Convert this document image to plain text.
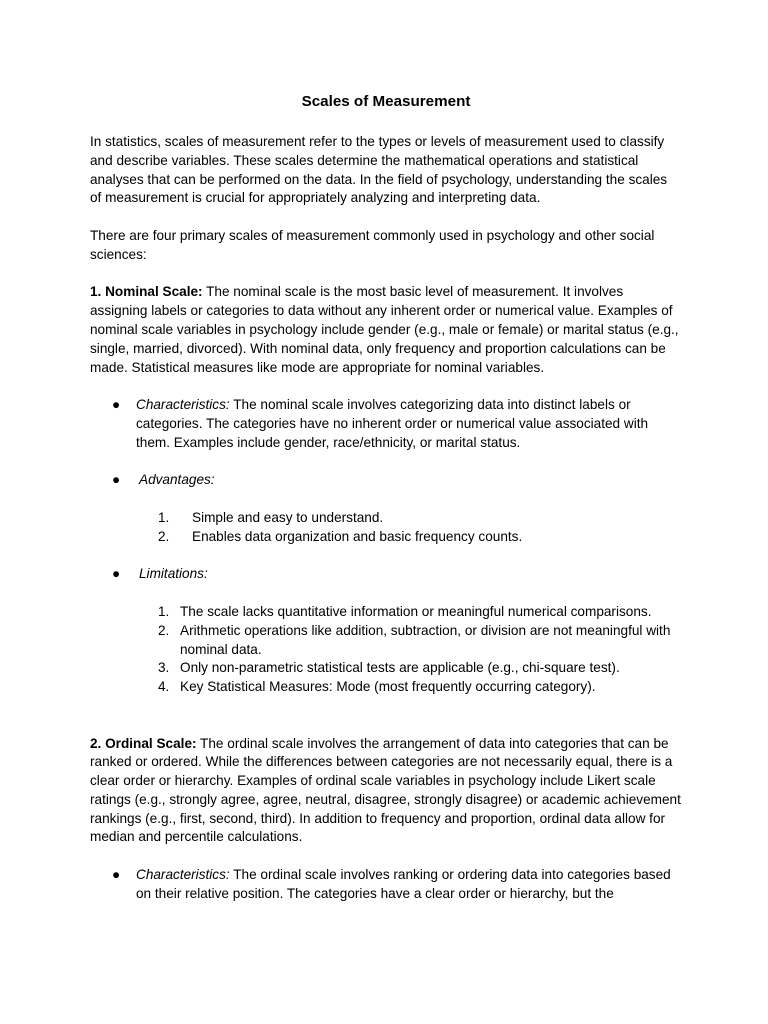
Scales of Measurement

In statistics, scales of measurement refer to the types or levels of measurement used to classify and describe variables. These scales determine the mathematical operations and statistical analyses that can be performed on the data. In the field of psychology, understanding the scales of measurement is crucial for appropriately analyzing and interpreting data.

There are four primary scales of measurement commonly used in psychology and other social sciences:

1. Nominal Scale: The nominal scale is the most basic level of measurement. It involves assigning labels or categories to data without any inherent order or numerical value. Examples of nominal scale variables in psychology include gender (e.g., male or female) or marital status (e.g., single, married, divorced). With nominal data, only frequency and proportion calculations can be made. Statistical measures like mode are appropriate for nominal variables.

● Characteristics: The nominal scale involves categorizing data into distinct labels or categories. The categories have no inherent order or numerical value associated with them. Examples include gender, race/ethnicity, or marital status.
● Advantages:
1. Simple and easy to understand.
2. Enables data organization and basic frequency counts.
● Limitations:
1. The scale lacks quantitative information or meaningful numerical comparisons.
2. Arithmetic operations like addition, subtraction, or division are not meaningful with nominal data.
3. Only non-parametric statistical tests are applicable (e.g., chi-square test).
4. Key Statistical Measures: Mode (most frequently occurring category).

2. Ordinal Scale: The ordinal scale involves the arrangement of data into categories that can be ranked or ordered. While the differences between categories are not necessarily equal, there is a clear order or hierarchy. Examples of ordinal scale variables in psychology include Likert scale ratings (e.g., strongly agree, agree, neutral, disagree, strongly disagree) or academic achievement rankings (e.g., first, second, third). In addition to frequency and proportion, ordinal data allow for median and percentile calculations.

● Characteristics: The ordinal scale involves ranking or ordering data into categories based on their relative position. The categories have a clear order or hierarchy, but the
